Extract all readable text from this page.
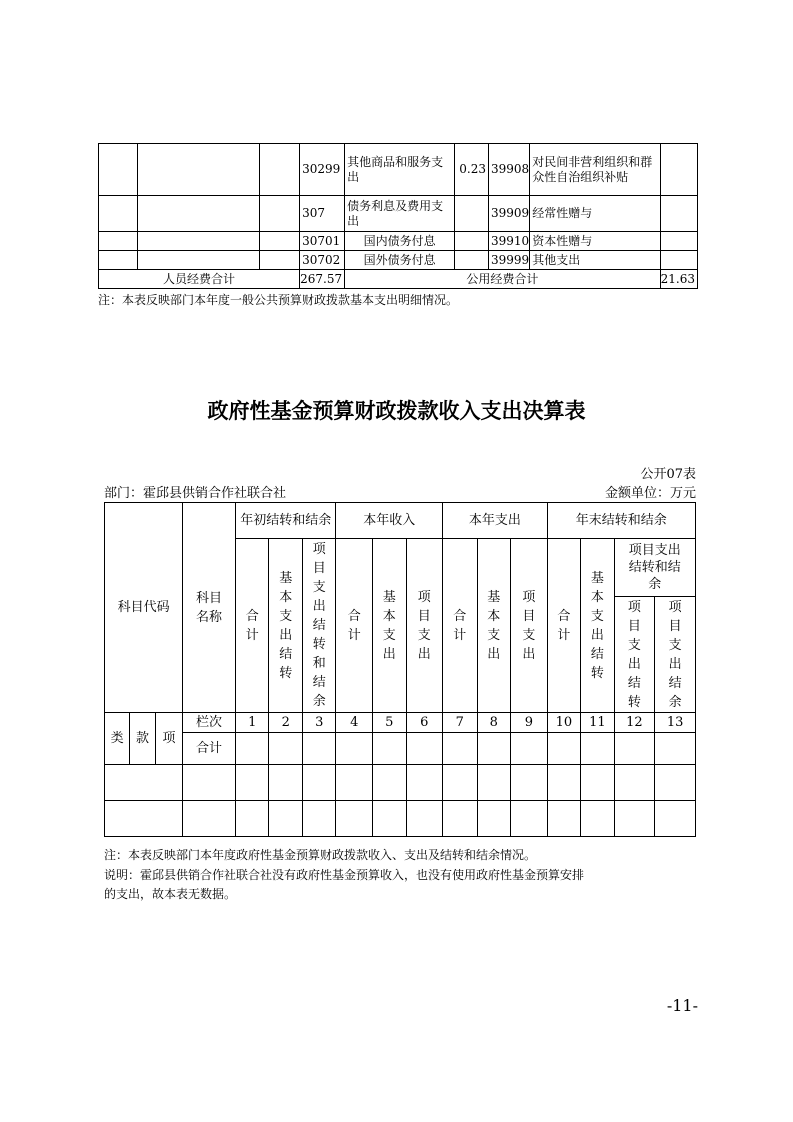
			30299	其他商品和服务支出	0.23	39908	对民间非营利组织和群众性自治组织补贴	
			307	债务利息及费用支出		39909	经常性赠与	
			30701	国内债务付息		39910	资本性赠与	
			30702	国外债务付息		39999	其他支出	
人员经费合计			267.57	公用经费合计				21.63
注：本表反映部门本年度一般公共预算财政拨款基本支出明细情况。
政府性基金预算财政拨款收入支出决算表
公开07表
部门：霍邱县供销合作社联合社	金额单位：万元
科目代码			科目名称	年初结转和结余			本年收入			本年支出			年末结转和结余			
				合计	基本支出结转	项目支出结转和结余	合计	基本支出	项目支出	合计	基本支出	项目支出	合计	基本支出结转	项目支出结转和结余	
															项目支出结转	项目支出结余
类	款	项	栏次	1	2	3	4	5	6	7	8	9	10	11	12	13
			合计													

注：本表反映部门本年度政府性基金预算财政拨款收入、支出及结转和结余情况。
说明：霍邱县供销合作社联合社没有政府性基金预算收入，也没有使用政府性基金预算安排
的支出，故本表无数据。
-11-
